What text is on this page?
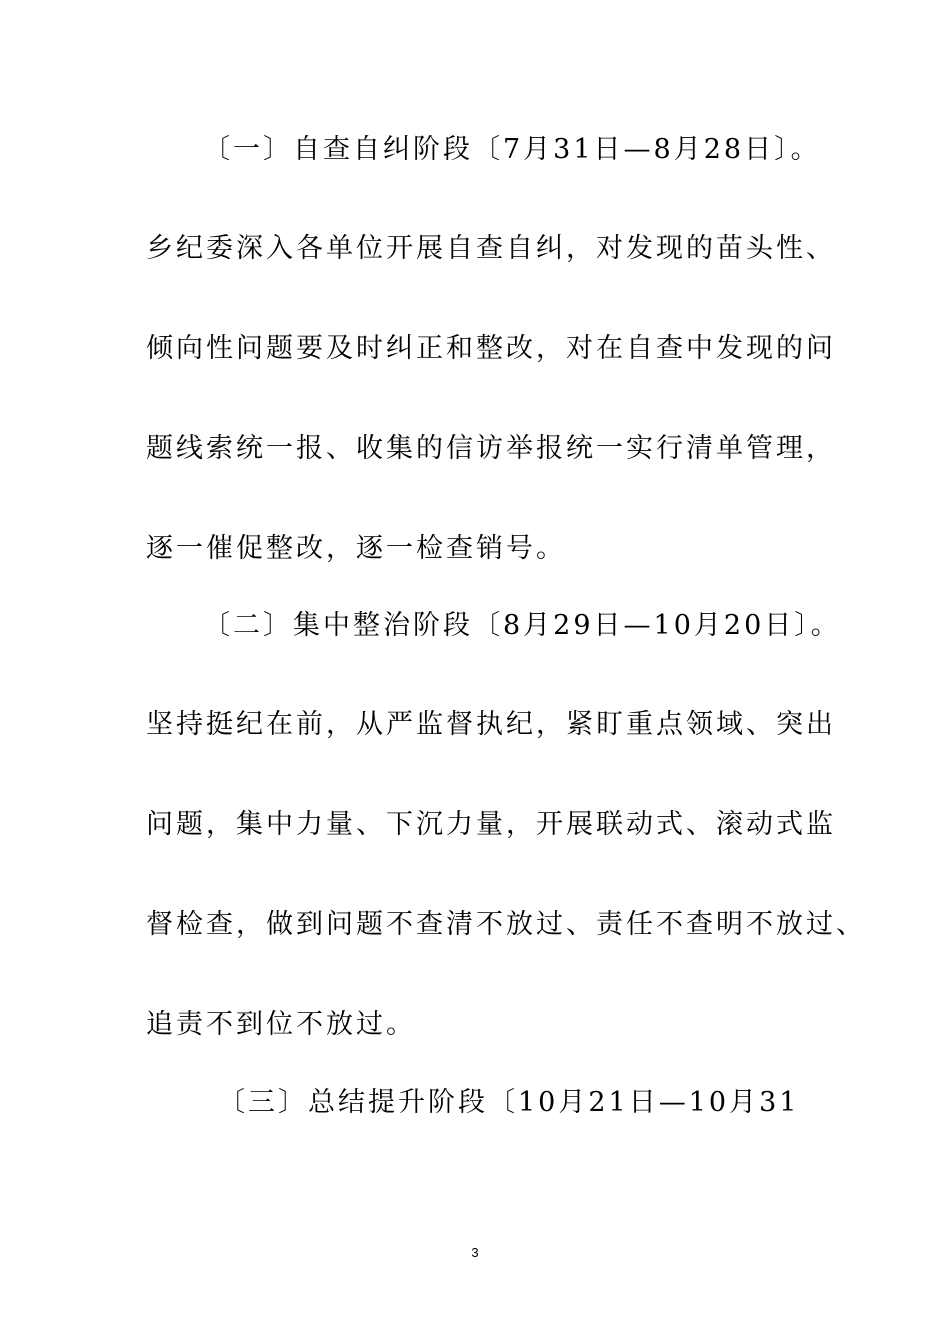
〔一〕自查自纠阶段〔7月31日—8月28日〕。
乡纪委深入各单位开展自查自纠，对发现的苗头性、
倾向性问题要及时纠正和整改，对在自查中发现的问
题线索统一报、收集的信访举报统一实行清单管理，
逐一催促整改，逐一检查销号。
〔二〕集中整治阶段〔8月29日—10月20日〕。
坚持挺纪在前，从严监督执纪，紧盯重点领域、突出
问题，集中力量、下沉力量，开展联动式、滚动式监
督检查，做到问题不查清不放过、责任不查明不放过、
追责不到位不放过。
〔三〕总结提升阶段〔10月21日—10月31
3
